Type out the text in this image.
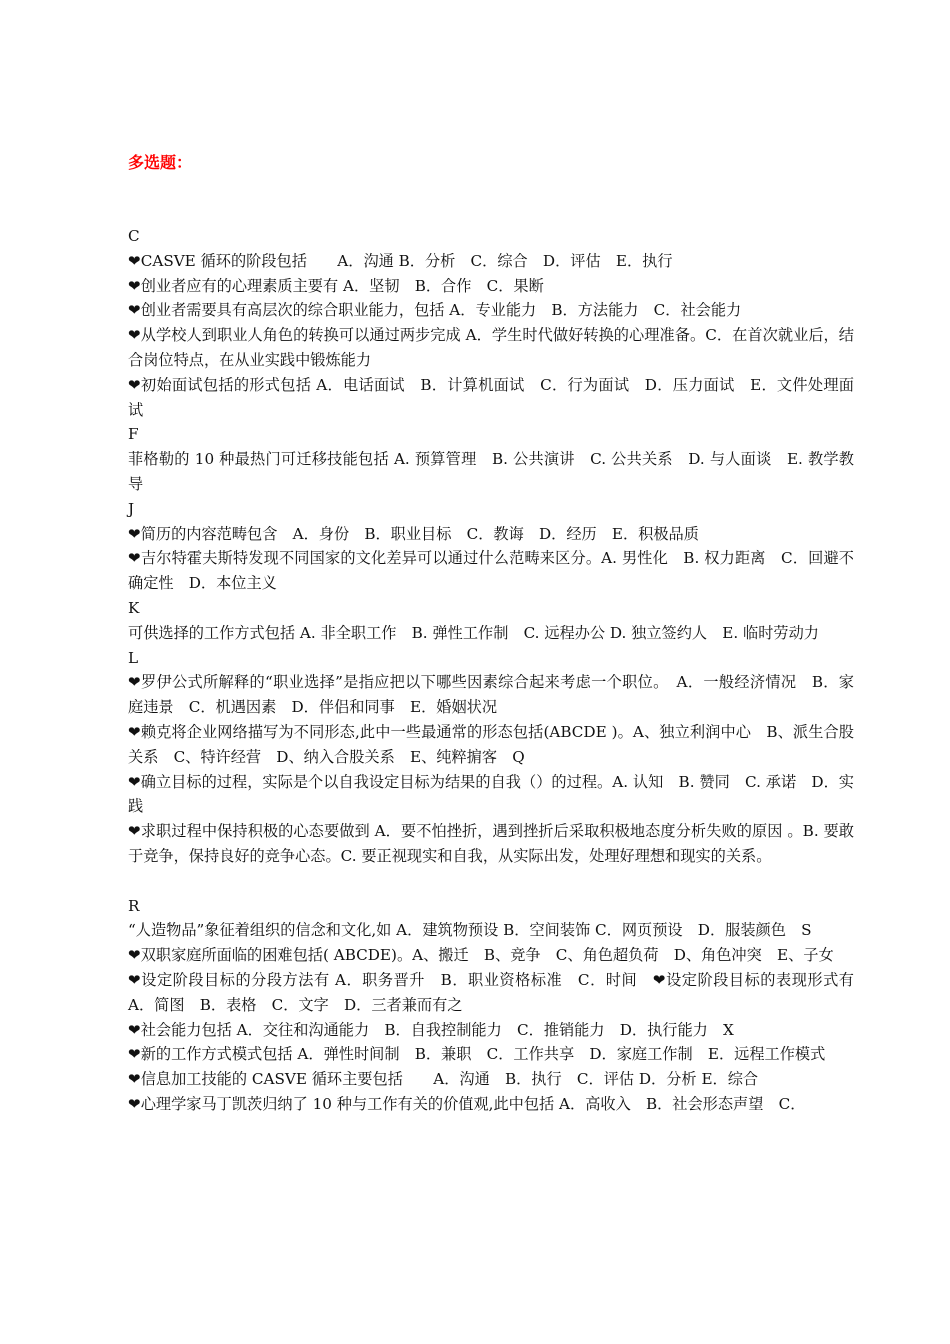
多选题：

C

❤CASVE 循环的阶段包括　　A．沟通 B．分析　C．综合　D．评估　E．执行

❤创业者应有的心理素质主要有 A．坚韧　B．合作　C．果断

❤创业者需要具有高层次的综合职业能力，包括 A．专业能力　B．方法能力　C．社会能力

❤从学校人到职业人角色的转换可以通过两步完成 A．学生时代做好转换的心理准备。C．在首次就业后，结合岗位特点，在从业实践中锻炼能力

❤初始面试包括的形式包括 A．电话面试　B．计算机面试　C．行为面试　D．压力面试　E．文件处理面试

F

菲格勒的 10 种最热门可迁移技能包括 A. 预算管理　B. 公共演讲　C. 公共关系　D. 与人面谈　E. 教学教导

J

❤简历的内容范畴包含　A．身份　B．职业目标　C．教诲　D．经历　E．积极品质

❤吉尔特霍夫斯特发现不同国家的文化差异可以通过什么范畴来区分。A. 男性化　B. 权力距离　C．回避不确定性　D．本位主义

K

可供选择的工作方式包括 A. 非全职工作　B. 弹性工作制　C. 远程办公 D. 独立签约人　E. 临时劳动力

L

❤罗伊公式所解释的“职业选择”是指应把以下哪些因素综合起来考虑一个职位。　A．一般经济情况　B．家庭违景　C．机遇因素　D．伴侣和同事　E．婚姻状况

❤赖克将企业网络描写为不同形态,此中一些最通常的形态包括(ABCDE )。A、独立利润中心　B、派生合股关系　C、特许经营　D、纳入合股关系　E、纯粹掮客　Q

❤确立目标的过程，实际是个以自我设定目标为结果的自我（）的过程。A. 认知　B. 赞同　C. 承诺　D．实践

❤求职过程中保持积极的心态要做到 A．要不怕挫折，遇到挫折后采取积极地态度分析失败的原因 。B. 要敢于竞争，保持良好的竞争心态。C. 要正视现实和自我，从实际出发，处理好理想和现实的关系。

R

“人造物品”象征着组织的信念和文化,如 A．建筑物预设 B．空间装饰 C．网页预设　D．服装颜色　S

❤双职家庭所面临的困难包括( ABCDE)。A、搬迁　B、竞争　C、角色超负荷　D、角色冲突　E、子女

❤设定阶段目标的分段方法有 A．职务晋升　B．职业资格标准　C．时间　❤设定阶段目标的表现形式有 A．简图　B．表格　C．文字　D．三者兼而有之

❤社会能力包括 A．交往和沟通能力　B．自我控制能力　C．推销能力　D．执行能力　X

❤新的工作方式模式包括 A．弹性时间制　B．兼职　C．工作共享　D．家庭工作制　E．远程工作模式

❤信息加工技能的 CASVE 循环主要包括　　A．沟通　B．执行　C．评估 D．分析 E．综合

❤心理学家马丁凯茨归纳了 10 种与工作有关的价值观,此中包括 A．高收入　B．社会形态声望　C．
